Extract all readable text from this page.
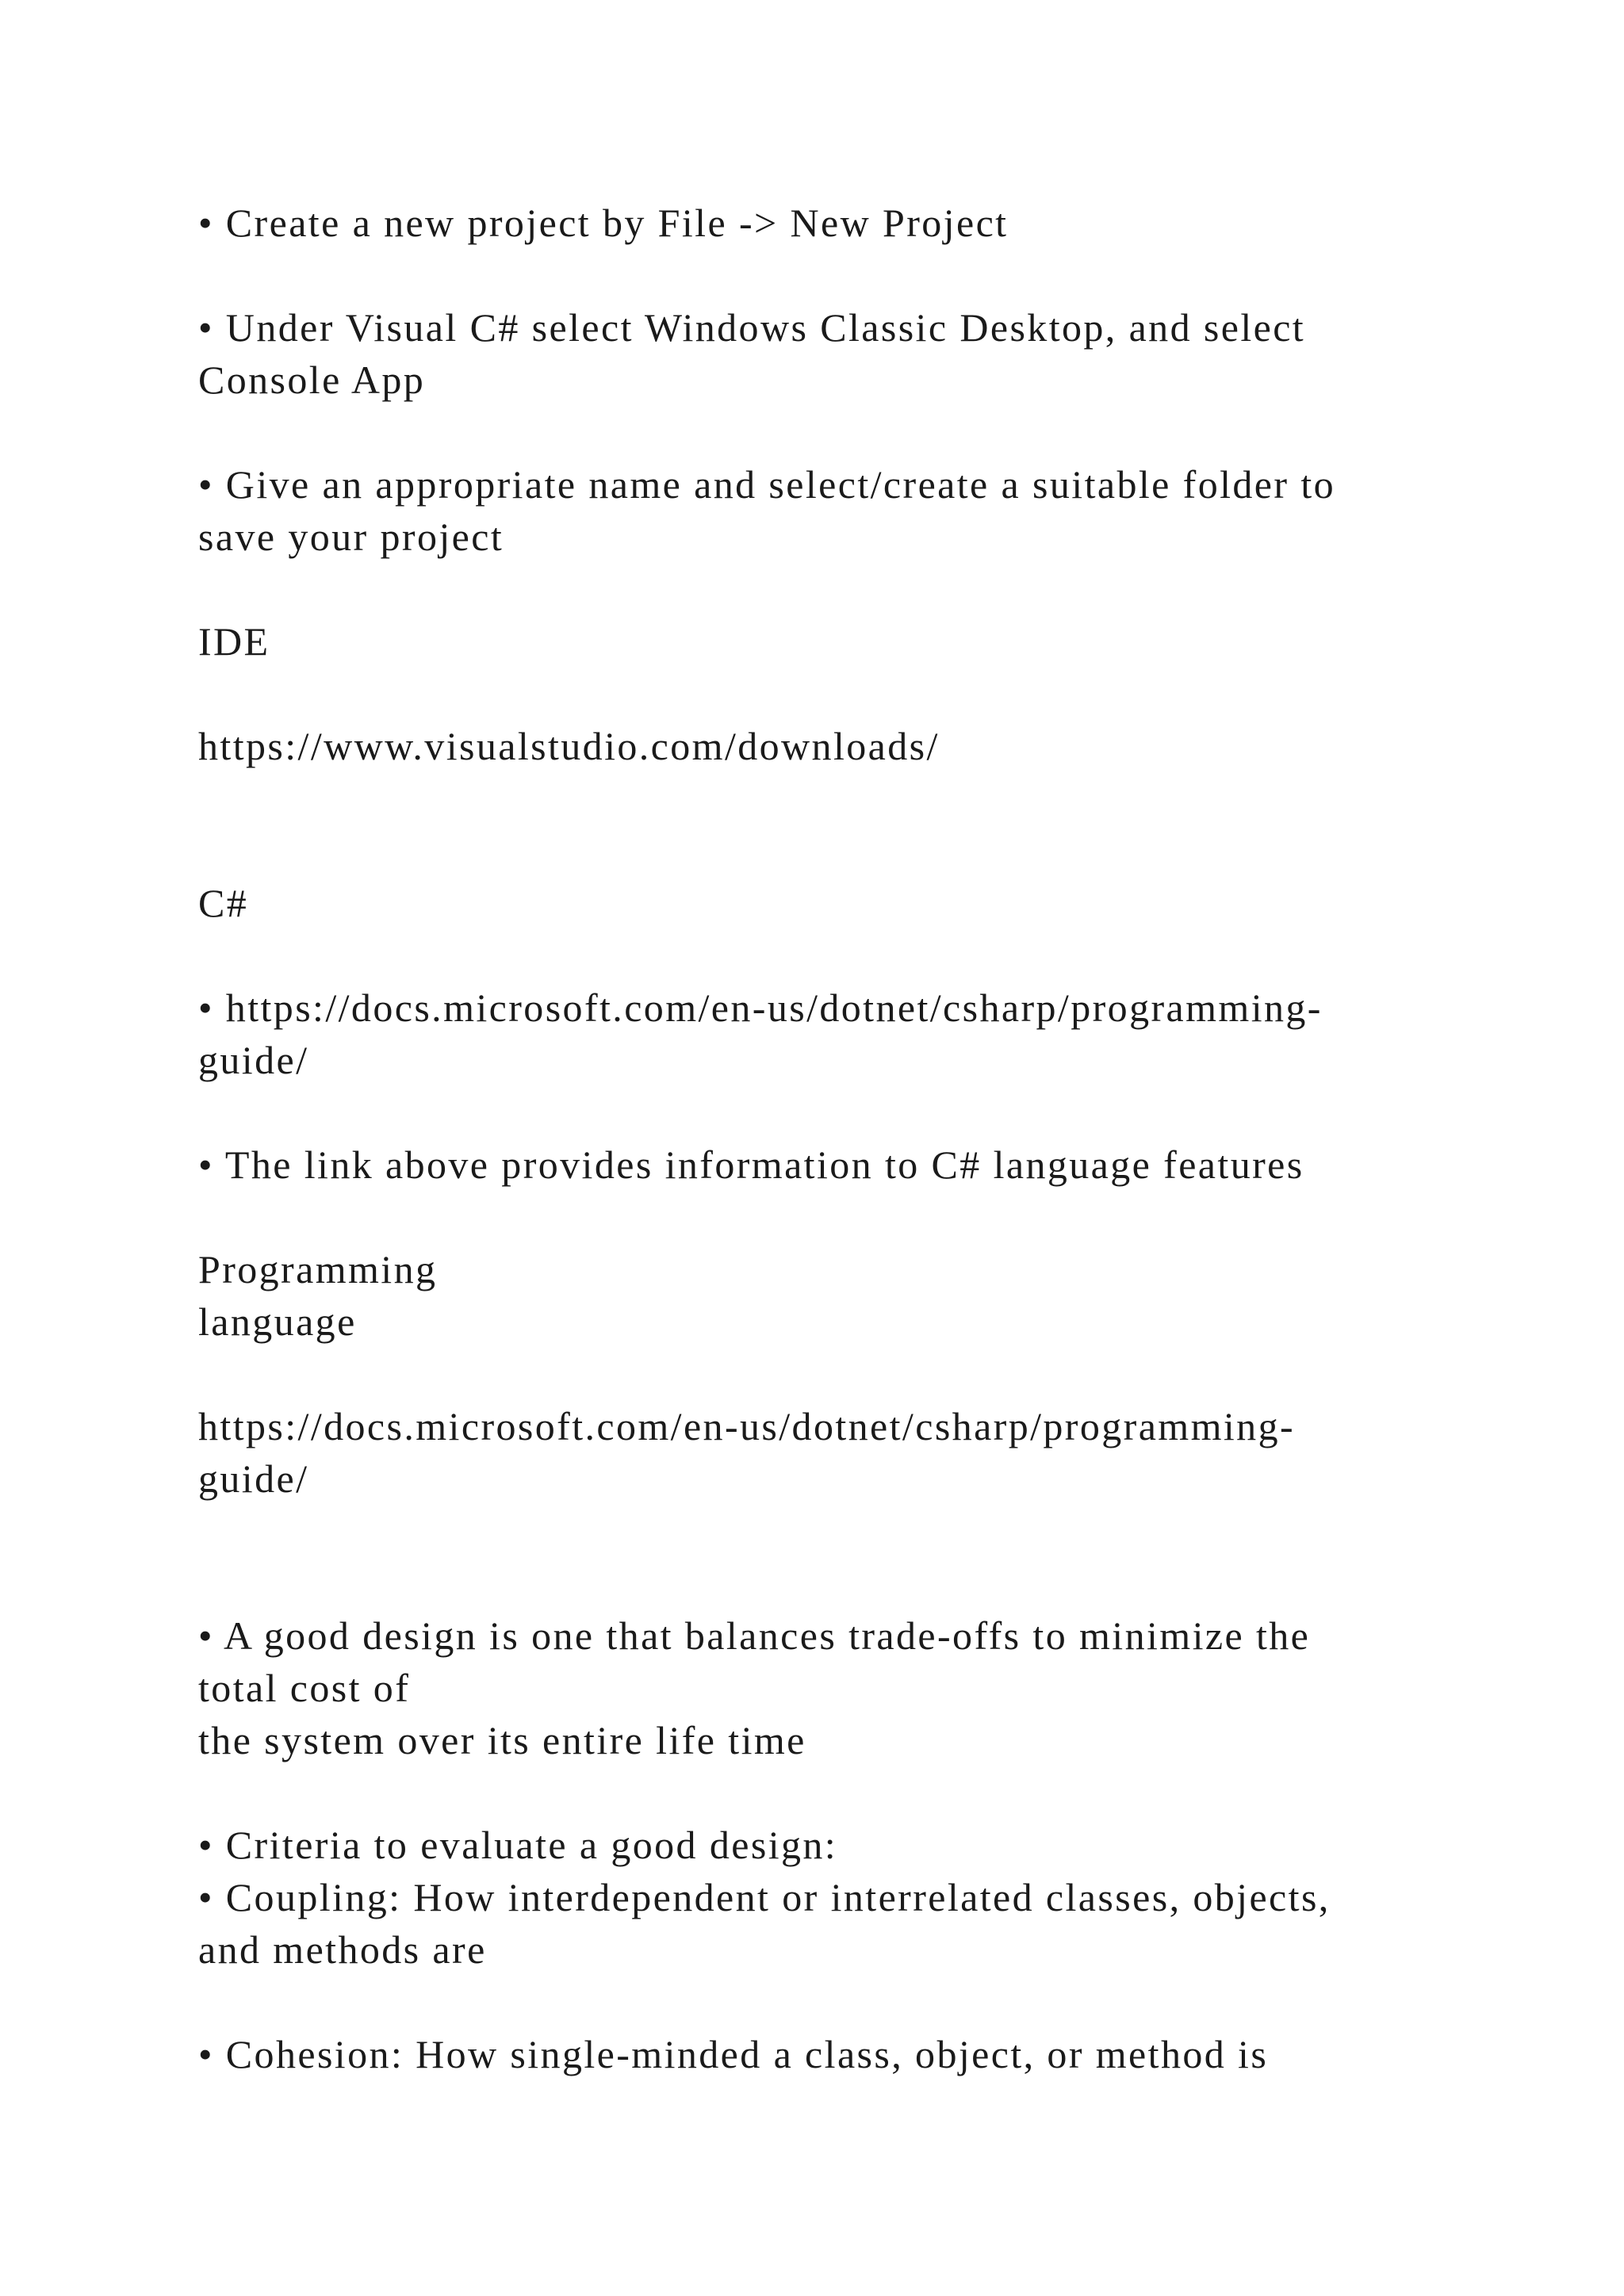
• Create a new project by File -> New Project

• Under Visual C# select Windows Classic Desktop, and select

Console App

• Give an appropriate name and select/create a suitable folder to

save your project

IDE

https://www.visualstudio.com/downloads/

C#

• https://docs.microsoft.com/en-us/dotnet/csharp/programming-

guide/

• The link above provides information to C# language features

Programming

language

https://docs.microsoft.com/en-us/dotnet/csharp/programming-

guide/

• A good design is one that balances trade-offs to minimize the

total cost of

the system over its entire life time

• Criteria to evaluate a good design:

• Coupling: How interdependent or interrelated classes, objects,

and methods are

• Cohesion: How single-minded a class, object, or method is
